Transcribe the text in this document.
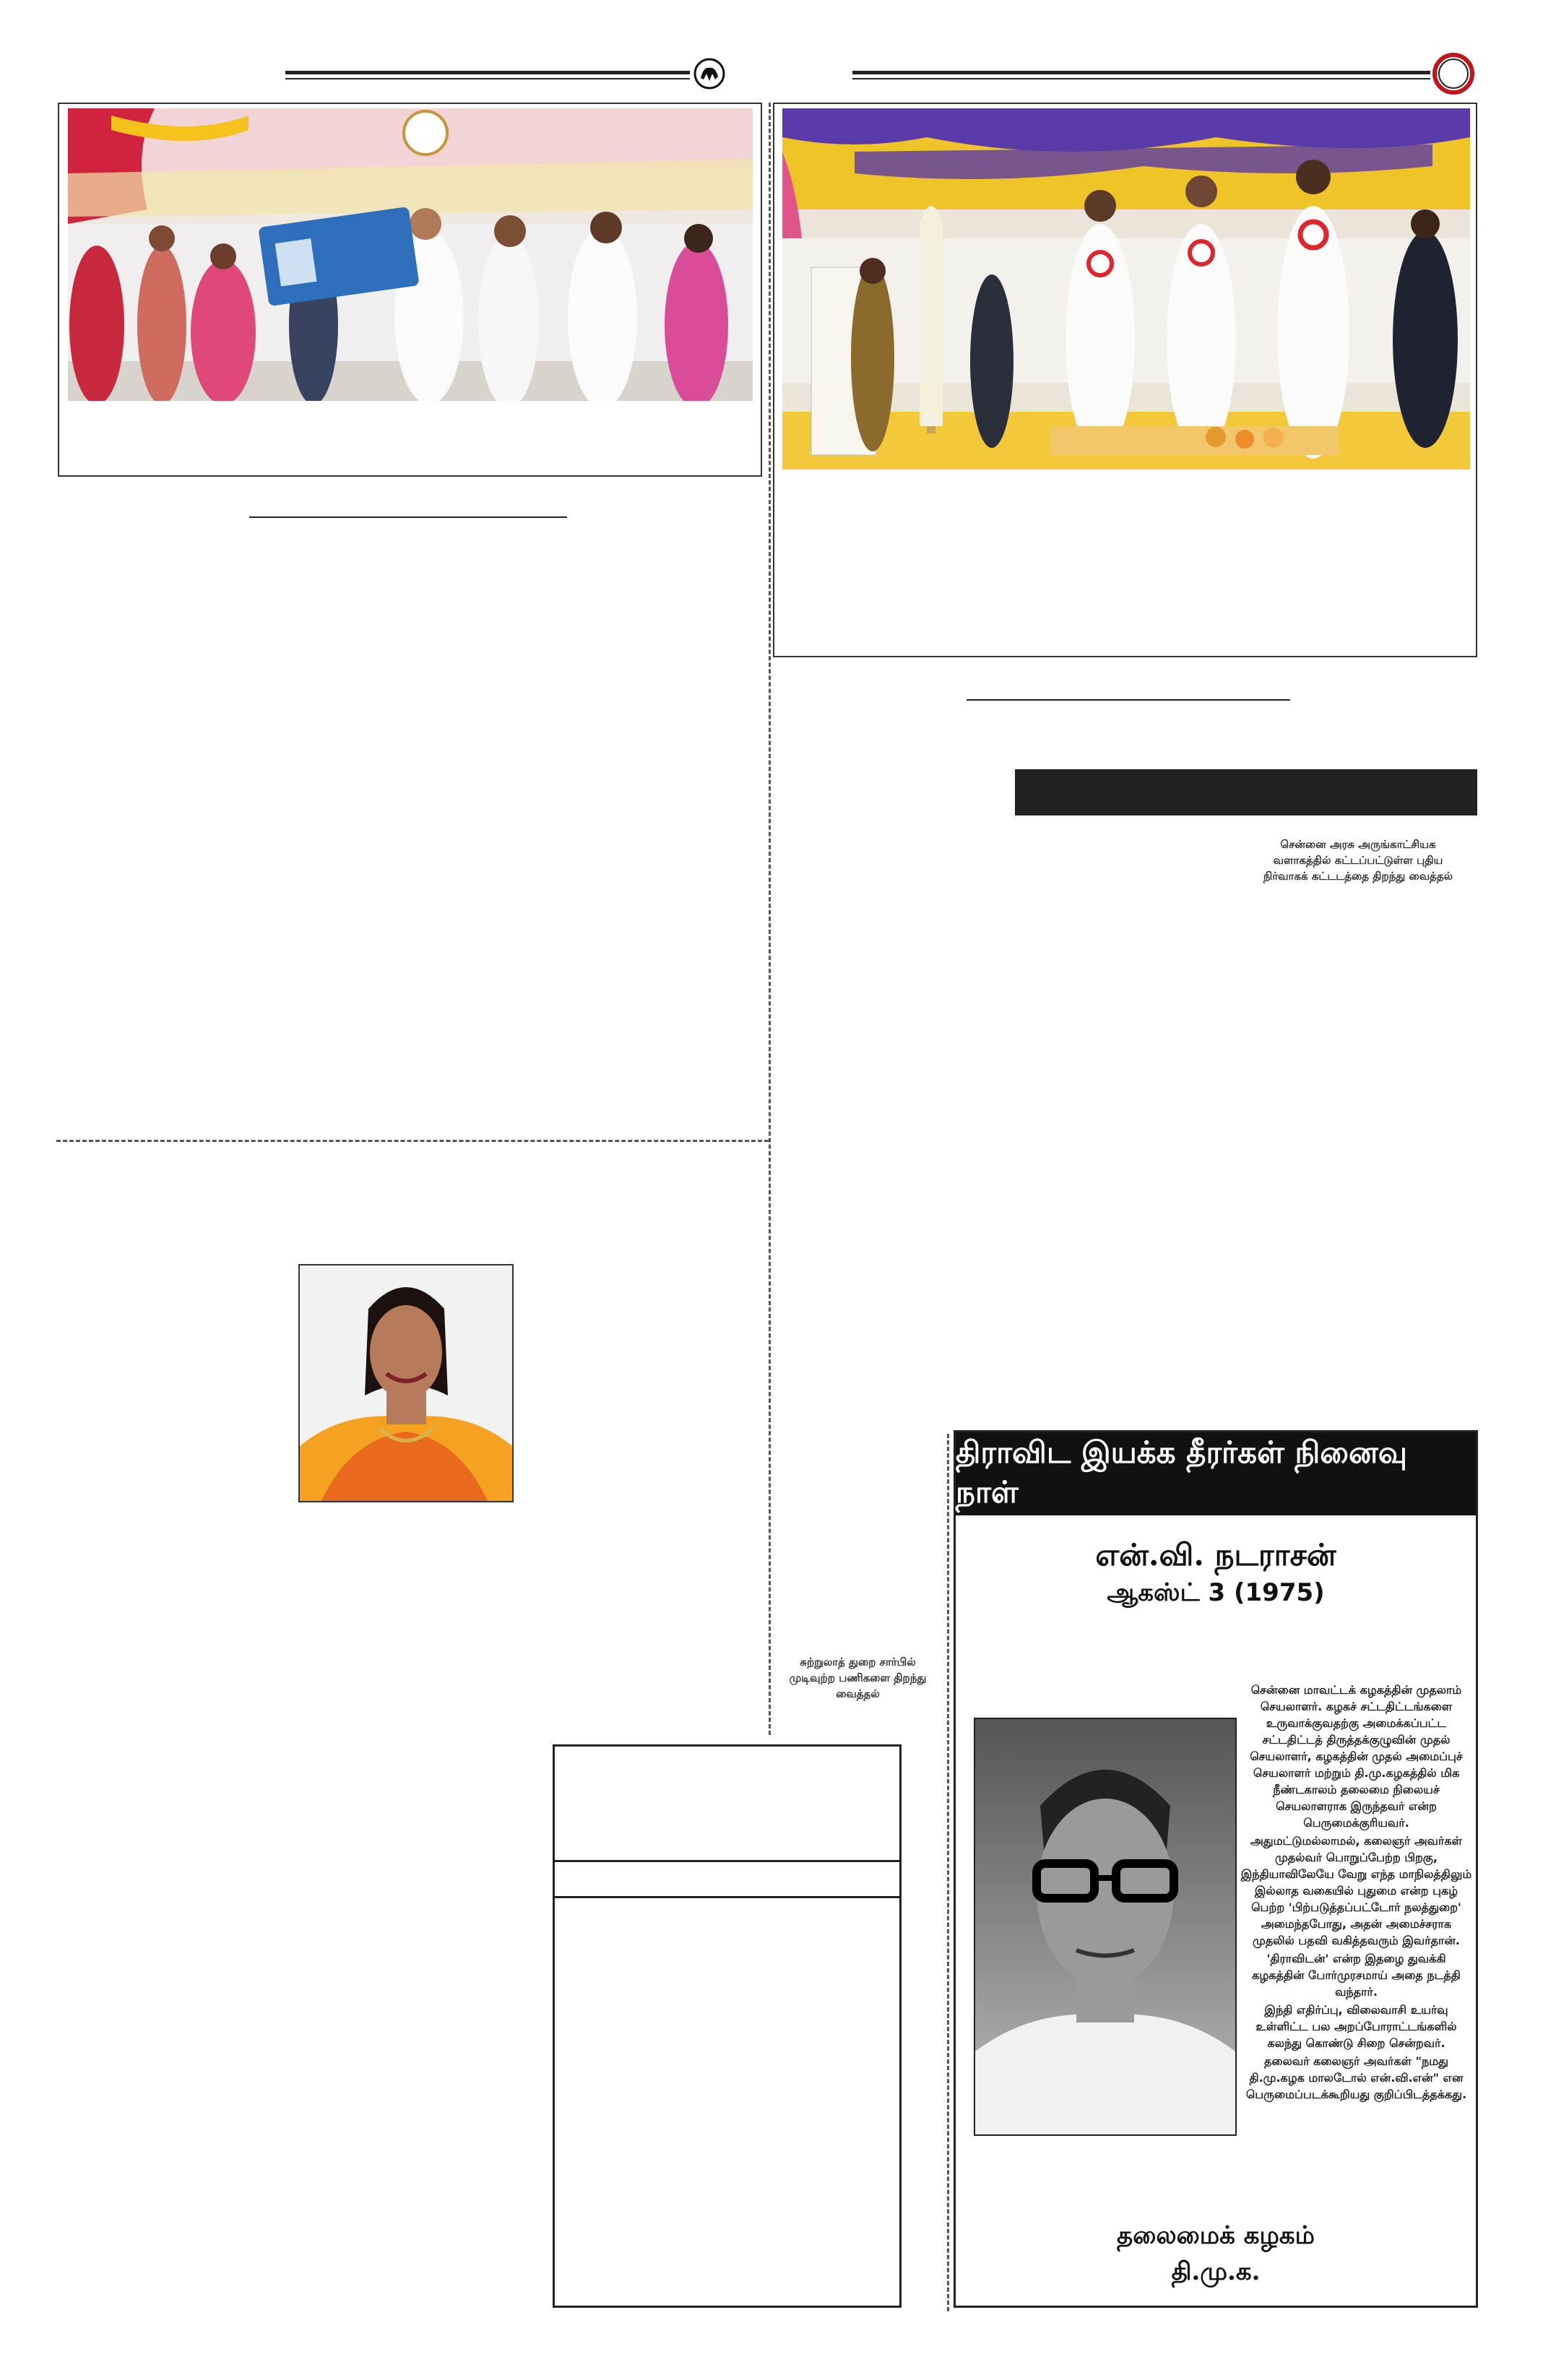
சென்னை அரசு அருங்காட்சியக வளாகத்தில் கட்டப்பட்டுள்ள புதிய நிர்வாகக் கட்டடத்தை திறந்து வைத்தல்
சுற்றுலாத் துறை சார்பில் முடிவுற்ற பணிகளை திறந்து வைத்தல்
திராவிட இயக்க தீரர்கள் நினைவு நாள்
என்.வி. நடராசன்
ஆகஸ்ட் 3 (1975)

சென்னை மாவட்டக் கழகத்தின் முதலாம் செயலாளர். கழகச் சட்டதிட்டங்களை உருவாக்குவதற்கு அமைக்கப்பட்ட சட்டதிட்டத் திருத்தக்குழுவின் முதல் செயலாளர், கழகத்தின் முதல் அமைப்புச் செயலாளர் மற்றும் தி.மு.கழகத்தில் மிக நீண்டகாலம் தலைமை நிலையச் செயலாளராக இருந்தவர் என்ற பெருமைக்குரியவர்.

அதுமட்டுமல்லாமல், கலைஞர் அவர்கள் முதல்வர் பொறுப்பேற்ற பிறகு, இந்தியாவிலேயே வேறு எந்த மாநிலத்திலும் இல்லாத வகையில் புதுமை என்ற புகழ் பெற்ற 'பிற்படுத்தப்பட்டோர் நலத்துறை' அமைந்தபோது, அதன் அமைச்சராக முதலில் பதவி வகித்தவரும் இவர்தான்.

'திராவிடன்' என்ற இதழை துவக்கி கழகத்தின் போர்முரசமாய் அதை நடத்தி வந்தார்.

இந்தி எதிர்ப்பு, விலைவாசி உயர்வு உள்ளிட்ட பல அறப்போராட்டங்களில் கலந்து கொண்டு சிறை சென்றவர்.

தலைவர் கலைஞர் அவர்கள் "நமது தி.மு.கழக மாலடோல் என்.வி.என்" என பெருமைப்படக்கூறியது குறிப்பிடத்தக்கது.

தலைமைக் கழகம்
தி.மு.க.
